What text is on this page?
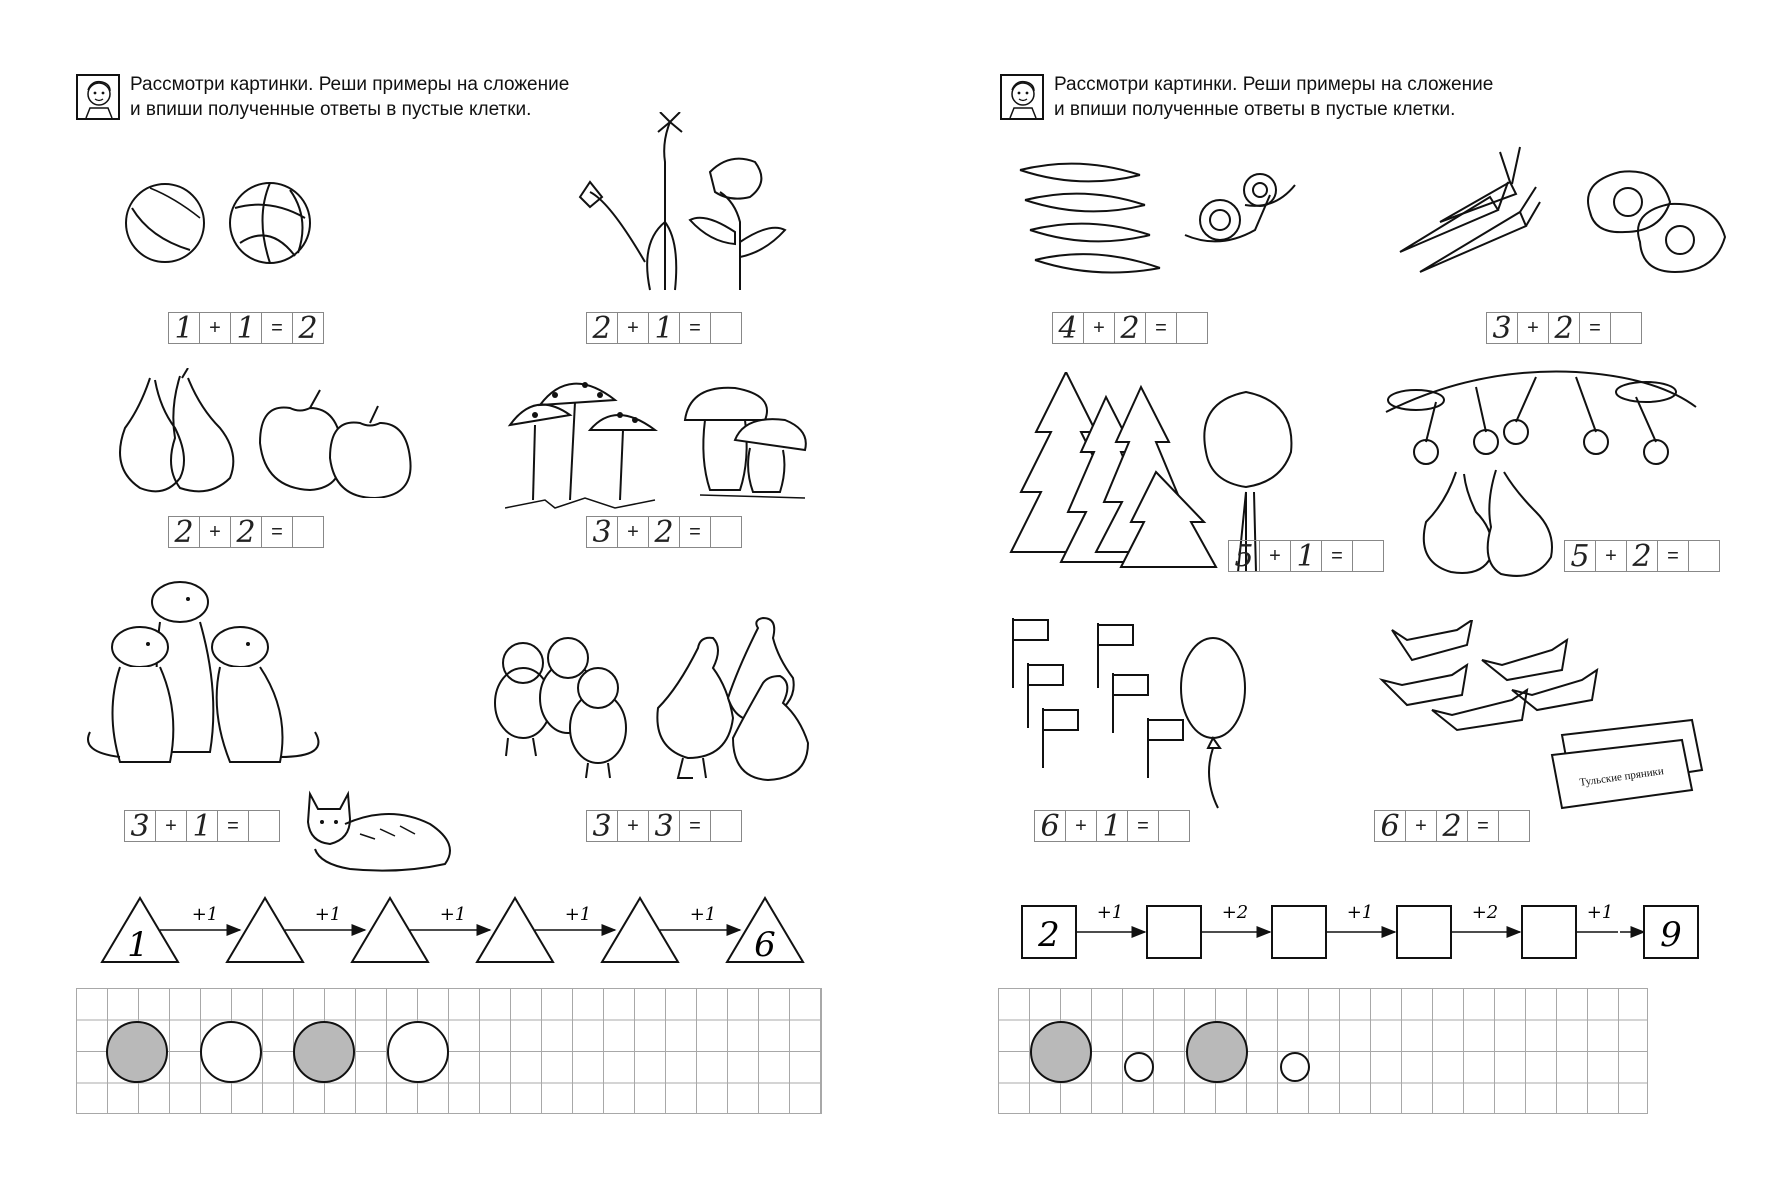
Рассмотри картинки. Реши примеры на сложение
и впиши полученные ответы в пустые клетки.
1 + 1 = 2	2 + 1 =
2 + 2 =	3 + 2 =
3 + 1 =	3 + 3 =
1
+1	+1	+1	+1	+1
6
Рассмотри картинки. Реши примеры на сложение
и впиши полученные ответы в пустые клетки.
4 + 2 =	3 + 2 =
5 + 1 =	5 + 2 =
Тульские пряники
6 + 1 =	6 + 2 =
2
+1	+2	+1	+2	+1
9
